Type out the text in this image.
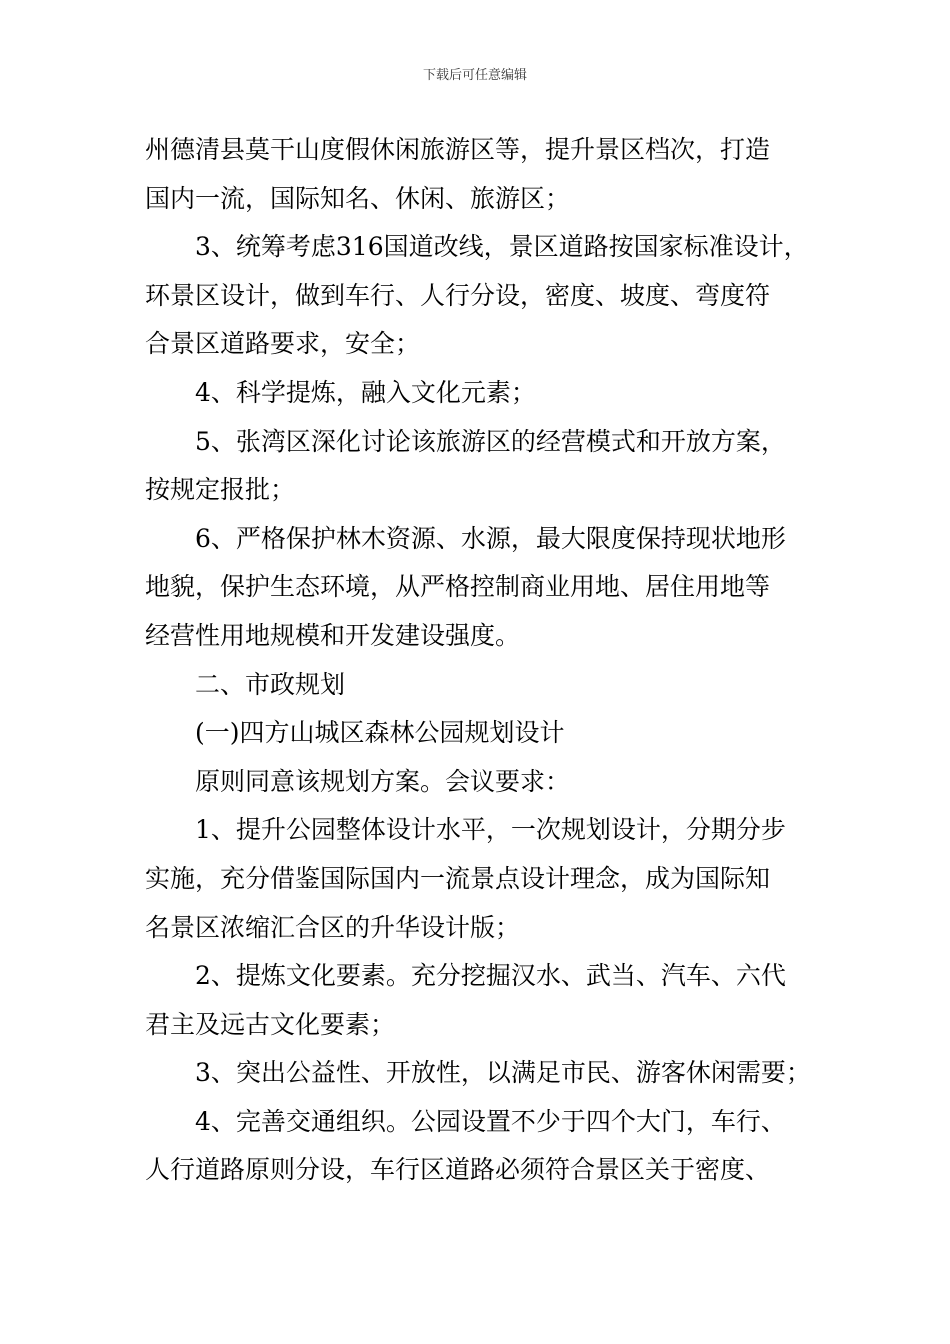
下载后可任意编辑
州德清县莫干山度假休闲旅游区等，提升景区档次，打造
国内一流，国际知名、休闲、旅游区；
3、统筹考虑316国道改线，景区道路按国家标准设计，
环景区设计，做到车行、人行分设，密度、坡度、弯度符
合景区道路要求，安全；
4、科学提炼，融入文化元素；
5、张湾区深化讨论该旅游区的经营模式和开放方案，
按规定报批；
6、严格保护林木资源、水源，最大限度保持现状地形
地貌，保护生态环境，从严格控制商业用地、居住用地等
经营性用地规模和开发建设强度。
二、市政规划
(一)四方山城区森林公园规划设计
原则同意该规划方案。会议要求：
1、提升公园整体设计水平，一次规划设计，分期分步
实施，充分借鉴国际国内一流景点设计理念，成为国际知
名景区浓缩汇合区的升华设计版；
2、提炼文化要素。充分挖掘汉水、武当、汽车、六代
君主及远古文化要素；
3、突出公益性、开放性，以满足市民、游客休闲需要；
4、完善交通组织。公园设置不少于四个大门，车行、
人行道路原则分设，车行区道路必须符合景区关于密度、
